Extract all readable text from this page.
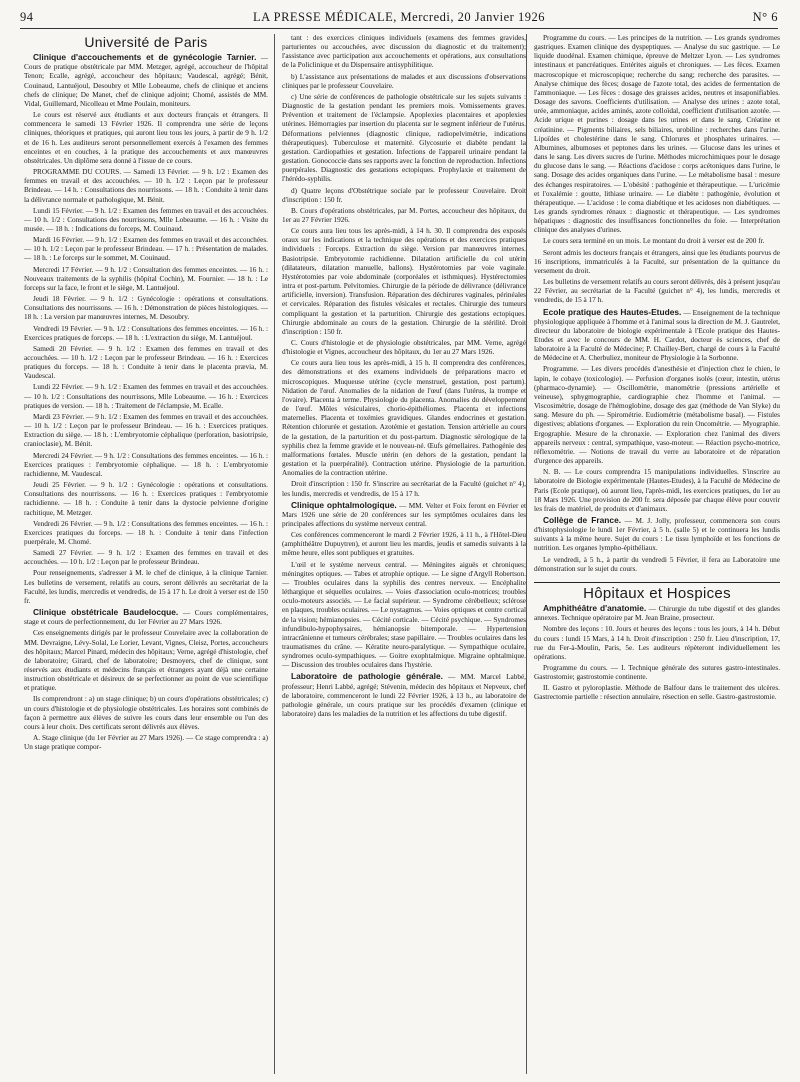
94	LA PRESSE MÉDICALE, Mercredi, 20 Janvier 1926	N° 6
Université de Paris

Clinique d'accouchements et de gynécologie Tarnier. — Cours de pratique obstétricale par MM. Metzger, agrégé, accoucheur de l'hôpital Tenon; Ecalle, agrégé, accoucheur des hôpitaux; Vaudescal, agrégé; Bénit, Couinaud, Lantuéjoul, Desoubry et Mlle Lobeaume, chefs de clinique et anciens chefs de clinique; De Manet, chef de clinique adjoint; Chomé, assistés de MM. Vidal, Guillemard, Nicolleau et Mme Poulain, moniteurs.

Le cours est réservé aux étudiants et aux docteurs français et étrangers. Il commencera le samedi 13 Février 1926. Il comprendra une série de leçons cliniques, théoriques et pratiques, qui auront lieu tous les jours, à partir de 9 h. 1/2 et de 16 h. Les auditeurs seront personnellement exercés à l'examen des femmes enceintes et en couches, à la pratique des accouchements et aux manœuvres obstétricales. Un diplôme sera donné à l'issue de ce cours.

PROGRAMME DU COURS. — Samedi 13 Février. — 9 h. 1/2 : Examen des femmes en travail et des accouchées. — 10 h. 1/2 : Leçon par le professeur Brindeau. — 14 h. : Consultations des nourrissons. — 18 h. : Conduite à tenir dans la délivrance normale et pathologique, M. Bénit.

Lundi 15 Février. — 9 h. 1/2 : Examen des femmes en travail et des accouchées. — 10 h. 1/2 : Consultations des nourrissons, Mlle Lobeaume. — 16 h. : Visite du musée. — 18 h. : Indications du forceps, M. Couinaud.

Mardi 16 Février. — 9 h. 1/2 : Examen des femmes en travail et des accouchées. — 10 h. 1/2 : Leçon par le professeur Brindeau. — 17 h. : Présentation de malades. — 18 h. : Le forceps sur le sommet, M. Couinaud.

Mercredi 17 Février. — 9 h. 1/2 : Consultation des femmes enceintes. — 16 h. : Nouveaux traitements de la syphilis (hôpital Cochin), M. Fournier. — 18 h. : Le forceps sur la face, le front et le siège, M. Lantuéjoul.

Jeudi 18 Février. — 9 h. 1/2 : Gynécologie : opérations et consultations. Consultations des nourrissons. — 16 h. : Démonstration de pièces histologiques. — 18 h. : La version par manœuvres internes, M. Desoubry.

Vendredi 19 Février. — 9 h. 1/2 : Consultations des femmes enceintes. — 16 h. : Exercices pratiques de forceps. — 18 h. : L'extraction du siège, M. Lantuéjoul.

Samedi 20 Février. — 9 h. 1/2 : Examen des femmes en travail et des accouchées. — 10 h. 1/2 : Leçon par le professeur Brindeau. — 16 h. : Exercices pratiques du forceps. — 18 h. : Conduite à tenir dans le placenta prævia, M. Vaudescal.

Lundi 22 Février. — 9 h. 1/2 : Examen des femmes en travail et des accouchées. — 10 h. 1/2 : Consultations des nourrissons, Mlle Lobeaume. — 16 h. : Exercices pratiques de version. — 18 h. : Traitement de l'éclampsie, M. Ecalle.

Mardi 23 Février. — 9 h. 1/2 : Examen des femmes en travail et des accouchées. — 10 h. 1/2 : Leçon par le professeur Brindeau. — 16 h. : Exercices pratiques. Extraction du siège. — 18 h. : L'embryotomie céphalique (perforation, basiotripsie, cranioclasie), M. Bénit.

Mercredi 24 Février. — 9 h. 1/2 : Consultations des femmes enceintes. — 16 h. : Exercices pratiques : l'embryotomie céphalique. — 18 h. : L'embryotomie rachidienne, M. Vaudescal.

Jeudi 25 Février. — 9 h. 1/2 : Gynécologie : opérations et consultations. Consultations des nourrissons. — 16 h. : Exercices pratiques : l'embryotomie rachidienne. — 18 h. : Conduite à tenir dans la dystocie pelvienne d'origine rachitique, M. Metzger.

Vendredi 26 Février. — 9 h. 1/2 : Consultations des femmes enceintes. — 16 h. : Exercices pratiques du forceps. — 18 h. : Conduite à tenir dans l'infection puerpérale, M. Chomé.

Samedi 27 Février. — 9 h. 1/2 : Examen des femmes en travail et des accouchées. — 10 h. 1/2 : Leçon par le professeur Brindeau.

Pour renseignements, s'adresser à M. le chef de clinique, à la clinique Tarnier. Les bulletins de versement, relatifs au cours, seront délivrés au secrétariat de la Faculté, les lundis, mercredis et vendredis, de 15 à 17 h. Le droit à verser est de 150 fr.

Clinique obstétricale Baudelocque. — Cours complémentaires, stage et cours de perfectionnement, du 1er Février au 27 Mars 1926.

Ces enseignements dirigés par le professeur Couvelaire avec la collaboration de MM. Devraigne, Lévy-Solal, Le Lorier, Levant, Vignes, Cleisz, Portes, accoucheurs des hôpitaux; Marcel Pinard, médecin des hôpitaux; Verne, agrégé d'histologie, chef de laboratoire; Girard, chef de laboratoire; Desmoyers, chef de clinique, sont réservés aux étudiants et médecins français et étrangers ayant déjà une certaine instruction obstétricale et désireux de se perfectionner au point de vue scientifique et pratique.

Ils comprendront : a) un stage clinique; b) un cours d'opérations obstétricales; c) un cours d'histologie et de physiologie obstétricales. Les horaires sont combinés de façon à permettre aux élèves de suivre les cours dans leur ensemble ou l'un des cours à leur choix. Des certificats seront délivrés aux élèves.

A. Stage clinique (du 1er Février au 27 Mars 1926). — Ce stage comprendra : a) Un stage pratique compor-

tant : des exercices cliniques individuels (examens des femmes gravides, parturientes ou accouchées, avec discussion du diagnostic et du traitement); l'assistance avec participation aux accouchements et opérations, aux consultations de la Policlinique et du Dispensaire antisyphilitique.

b) L'assistance aux présentations de malades et aux discussions d'observations cliniques par le professeur Couvelaire.

c) Une série de conférences de pathologie obstétricale sur les sujets suivants : Diagnostic de la gestation pendant les premiers mois. Vomissements graves. Prévention et traitement de l'éclampsie. Apoplexies placentaires et apoplexies utérines. Hémorragies par insertion du placenta sur le segment inférieur de l'utérus. Déformations pelviennes (diagnostic clinique, radiopelvimétrie, indications thérapeutiques). Tuberculose et maternité. Glycosurie et diabète pendant la gestation. Cardiopathies et gestation. Infections de l'appareil urinaire pendant la gestation. Gonococcie dans ses rapports avec la fonction de reproduction. Infections puerpérales. Diagnostic des gestations ectopiques. Prophylaxie et traitement de l'hérédo-syphilis.

d) Quatre leçons d'Obstétrique sociale par le professeur Couvelaire. Droit d'inscription : 150 fr.

B. Cours d'opérations obstétricales, par M. Portes, accoucheur des hôpitaux, du 1er au 27 Février 1926.

Ce cours aura lieu tous les après-midi, à 14 h. 30. Il comprendra des exposés oraux sur les indications et la technique des opérations et des exercices pratiques individuels : Forceps. Extraction du siège. Version par manœuvres internes. Basiotripsie. Embryotomie rachidienne. Dilatation artificielle du col utérin (dilatateurs, dilatation manuelle, ballons). Hystérotomies par voie vaginale. Hystérotomies par voie abdominale (corporéales et isthmiques). Hystérectomies intra et post-partum. Pelvitomies. Chirurgie de la période de délivrance (délivrance artificielle, inversion). Transfusion. Réparation des déchirures vaginales, périnéales et cervicales. Réparation des fistules vésicales et rectales. Chirurgie des tumeurs compliquant la gestation et la parturition. Chirurgie des gestations ectopiques. Chirurgie abdominale au cours de la gestation. Chirurgie de la stérilité. Droit d'inscription : 150 fr.

C. Cours d'histologie et de physiologie obstétricales, par MM. Verne, agrégé d'histologie et Vignes, accoucheur des hôpitaux, du 1er au 27 Mars 1926.

Ce cours aura lieu tous les après-midi, à 15 h. Il comprendra des conférences, des démonstrations et des examens individuels de préparations macro et microscopiques. Muqueuse utérine (cycle menstruel, gestation, post partum). Nidation de l'œuf. Anomalies de la nidation de l'œuf (dans l'utérus, la trompe et l'ovaire). Placenta à terme. Physiologie du placenta. Anomalies du développement de l'œuf. Môles vésiculaires, chorio-épithéliomes. Placenta et infections maternelles. Placenta et toxémies gravidiques. Glandes endocrines et gestation. Rétention chlorurée et gestation. Azotémie et gestation. Tension artérielle au cours de la gestation, de la parturition et du post-partum. Diagnostic sérologique de la syphilis chez la femme gravide et le nouveau-né. Œufs gémellaires. Pathogénie des malformations fœtales. Muscle utérin (en dehors de la gestation, pendant la gestation et la puerpéralité). Contraction utérine. Physiologie de la parturition. Anomalies de la contraction utérine.

Droit d'inscription : 150 fr. S'inscrire au secrétariat de la Faculté (guichet n° 4), les lundis, mercredis et vendredis, de 15 à 17 h.

Clinique ophtalmologique. — MM. Velter et Foix feront en Février et Mars 1926 une série de 20 conférences sur les symptômes oculaires dans les principales affections du système nerveux central.

Ces conférences commenceront le mardi 2 Février 1926, à 11 h., à l'Hôtel-Dieu (amphithéâtre Dupuytren), et auront lieu les mardis, jeudis et samedis suivants à la même heure, elles sont publiques et gratuites.

L'œil et le système nerveux central. — Méningites aiguës et chroniques; méningites optiques. — Tabes et atrophie optique. — Le signe d'Argyll Robertson. — Troubles oculaires dans la syphilis des centres nerveux. — Encéphalite léthargique et séquelles oculaires. — Voies d'association oculo-motrices; troubles oculo-moteurs associés. — Le facial supérieur. — Syndrome cérébelleux; sclérose en plaques, troubles oculaires. — Le nystagmus. — Voies optiques et centre cortical de la vision; hémianopsies. — Cécité corticale. — Cécité psychique. — Syndromes infundibulo-hypophysaires, hémianopsie bitemporale. — Hypertension intracrânienne et tumeurs cérébrales; stase papillaire. — Troubles oculaires dans les traumatismes du crâne. — Kératite neuro-paralytique. — Sympathique oculaire, syndromes oculo-sympathiques. — Goitre exophtalmique. Migraine ophtalmique. — Discussion des troubles oculaires dans l'hystérie.

Laboratoire de pathologie générale. — MM. Marcel Labbé, professeur; Henri Labbé, agrégé; Stévenin, médecin des hôpitaux et Nepveux, chef de laboratoire, commenceront le lundi 22 Février 1926, à 13 h., au laboratoire de pathologie générale, un cours pratique sur les procédés d'examen (clinique et laboratoire) dans les maladies de la nutrition et les affections du tube digestif.

Programme du cours. — Les principes de la nutrition. — Les grands syndromes gastriques. Examen clinique des dyspeptiques. — Analyse du suc gastrique. — Le liquide duodénal. Examen chimique, épreuve de Meltzer Lyon. — Les syndromes intestinaux et pancréatiques. Entérites aiguës et chroniques. — Les fèces. Examen macroscopique et microscopique; recherche du sang; recherche des parasites. — Analyse chimique des fèces; dosage de l'azote total, des acides de fermentation de l'ammoniaque. — Les fèces : dosage des graisses acides, neutres et insaponifiables. Dosage des savons. Coefficients d'utilisation. — Analyse des urines : azote total, urée, ammoniaque, acides aminés, azote colloïdal, coefficient d'utilisation azotée. — Acide urique et purines : dosage dans les urines et dans le sang. Créatine et créatinine. — Pigments biliaires, sels biliaires, urobiline : recherches dans l'urine. Lipoïdes et cholestérine dans le sang. Chlorures et phosphates urinaires. — Albumines, albumoses et peptones dans les urines. — Glucose dans les urines et dans le sang. Les divers sucres de l'urine. Méthodes microchimiques pour le dosage du glucose dans le sang. — Réactions d'acidose : corps acétoniques dans l'urine, le sang. Dosage des acides organiques dans l'urine. — Le métabolisme basal : mesure des échanges respiratoires. — L'obésité : pathogénie et thérapeutique. — L'uricémie et l'oxalémie : goutte, lithiase urinaire. — Le diabète : pathogénie, évolution et thérapeutique. — L'acidose : le coma diabétique et les acidoses non diabétiques. — Les grands syndromes rénaux : diagnostic et thérapeutique. — Les syndromes hépatiques : diagnostic des insuffisances fonctionnelles du foie. — Interprétation clinique des analyses d'urines.

Le cours sera terminé en un mois. Le montant du droit à verser est de 200 fr.

Seront admis les docteurs français et étrangers, ainsi que les étudiants pourvus de 16 inscriptions, immatriculés à la Faculté, sur présentation de la quittance du versement du droit.

Les bulletins de versement relatifs au cours seront délivrés, dès à présent jusqu'au 22 Février, au secrétariat de la Faculté (guichet n° 4), les lundis, mercredis et vendredis, de 15 à 17 h.

Ecole pratique des Hautes-Etudes. — Enseignement de la technique physiologique appliquée à l'homme et à l'animal sous la direction de M. J. Gautrelet, directeur du laboratoire de biologie expérimentale à l'Ecole pratique des Hautes-Etudes et avec le concours de MM. H. Cardot, docteur ès sciences, chef de laboratoire à la Faculté de Médecine; P. Chailley-Bert, chargé de cours à la Faculté de Médecine et A. Cherbuliez, moniteur de Physiologie à la Sorbonne.

Programme. — Les divers procédés d'anesthésie et d'injection chez le chien, le lapin, le cobaye (toxicologie). — Perfusion d'organes isolés (cœur, intestin, utérus (pharmaco-dynamie). — Oscillométrie, manométrie (pressions artérielle et veineuse), sphygmographie, cardiographie chez l'homme et l'animal. — Viscosimétrie, dosage de l'hémoglobine, dosage des gaz (méthode de Van Slyke) du sang. Mesure du ph. — Spirométrie. Eudiométrie (métabolisme basal). — Fistules digestives; ablations d'organes. — Exploration du rein Oncométrie. — Myographie. Ergographie. Mesure de la chronaxie. — Exploration chez l'animal des divers appareils nerveux : central, sympathique, vaso-moteur. — Réaction psycho-motrice, réflexométrie. — Notions de travail du verre au laboratoire et de réparation d'urgence des appareils.

N. B. — Le cours comprendra 15 manipulations individuelles. S'inscrire au laboratoire de Biologie expérimentale (Hautes-Etudes), à la Faculté de Médecine de Paris (Ecole pratique), où auront lieu, l'après-midi, les exercices pratiques, du 1er au 18 Mars 1926. Une provision de 200 fr. sera déposée par chaque élève pour couvrir les frais de matériel, de produits et d'animaux.

Collège de France. — M. J. Jolly, professeur, commencera son cours d'histophysiologie le lundi 1er Février, à 5 h. (salle 5) et le continuera les lundis suivants à la même heure. Sujet du cours : Le tissu lymphoïde et les fonctions de nutrition. Les organes lympho-épithéliaux.

Le vendredi, à 5 h., à partir du vendredi 5 Février, il fera au Laboratoire une démonstration sur le sujet du cours.

Hôpitaux et Hospices

Amphithéâtre d'anatomie. — Chirurgie du tube digestif et des glandes annexes. Technique opératoire par M. Jean Braine, prosecteur.

Nombre des leçons : 10. Jours et heures des leçons : tous les jours, à 14 h. Début du cours : lundi 15 Mars, à 14 h. Droit d'inscription : 250 fr. Lieu d'inscription, 17, rue du Fer-à-Moulin, Paris, 5e. Les auditeurs répèteront individuellement les opérations.

Programme du cours. — I. Technique générale des sutures gastro-intestinales. Gastrostomie; gastrostomie continente.

II. Gastro et pyloroplastie. Méthode de Balfour dans le traitement des ulcères. Gastrectomie partielle : résection annulaire, résection en selle. Gastro-gastrostomie.
